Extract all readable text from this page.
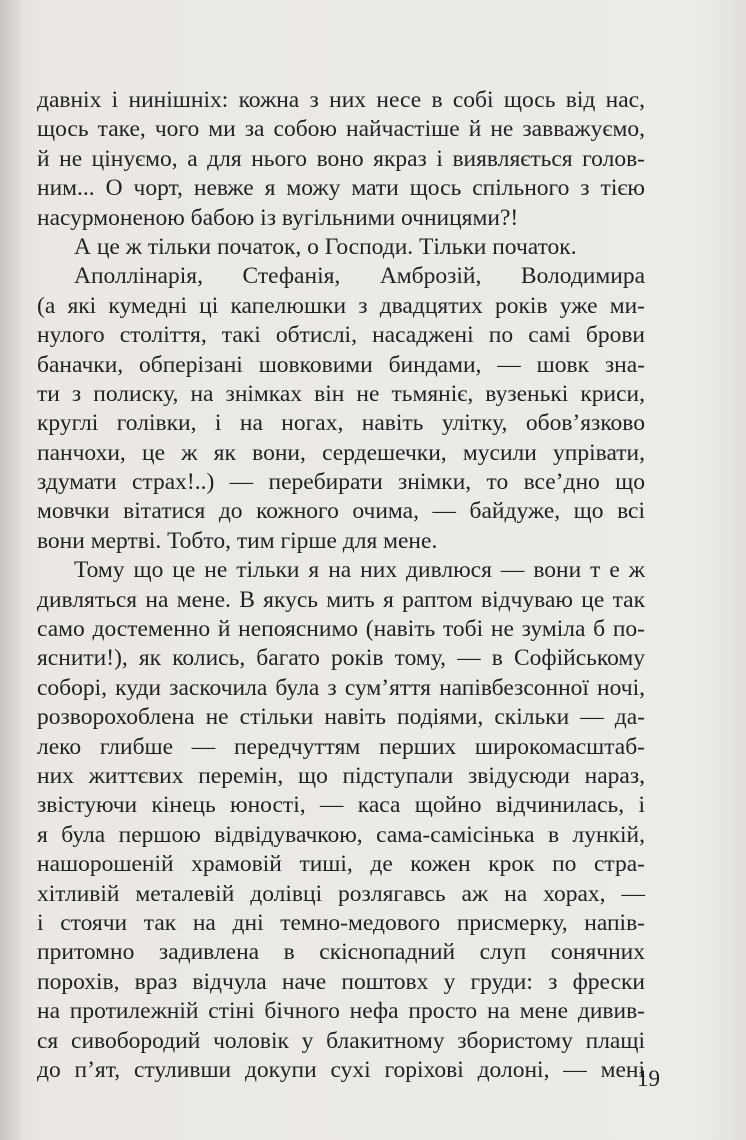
давніх і нинішніх: кожна з них несе в собі щось від нас,
щось таке, чого ми за собою найчастіше й не завважуємо,
й не цінуємо, а для нього воно якраз і виявляється голов-
ним... О чорт, невже я можу мати щось спільного з тією
насурмоненою бабою із вугільними очницями?!
А це ж тільки початок, о Господи. Тільки початок.
Аполлінарія, Стефанія, Амброзій, Володимира
(а які кумедні ці капелюшки з двадцятих років уже ми-
нулого століття, такі обтислі, насаджені по самі брови
баначки, обперізані шовковими биндами, — шовк зна-
ти з полиску, на знімках він не тьмяніє, вузенькі криси,
круглі голівки, і на ногах, навіть улітку, обов’язково
панчохи, це ж як вони, сердешечки, мусили упрівати,
здумати страх!..) — перебирати знімки, то все’дно що
мовчки вітатися до кожного очима, — байдуже, що всі
вони мертві. Тобто, тим гірше для мене.
Тому що це не тільки я на них дивлюся — вони т е ж
дивляться на мене. В якусь мить я раптом відчуваю це так
само достеменно й непояснимо (навіть тобі не зуміла б по-
яснити!), як колись, багато років тому, — в Софійському
соборі, куди заскочила була з сум’яття напівбезсонної ночі,
розворохоблена не стільки навіть подіями, скільки — да-
леко глибше — передчуттям перших широкомасштаб-
них життєвих перемін, що підступали звідусюди нараз,
звістуючи кінець юності, — каса щойно відчинилась, і
я була першою відвідувачкою, сама-самісінька в лункій,
нашорошеній храмовій тиші, де кожен крок по стра-
хітливій металевій долівці розлягавсь аж на хорах, —
і стоячи так на дні темно-медового присмерку, напів-
притомно задивлена в скіснопадний слуп сонячних
порохів, враз відчула наче поштовх у груди: з фрески
на протилежній стіні бічного нефа просто на мене дивив-
ся сивобородий чоловік у блакитному збористому плащі
до п’ят, стуливши докупи сухі горіхові долоні, — мені
19
